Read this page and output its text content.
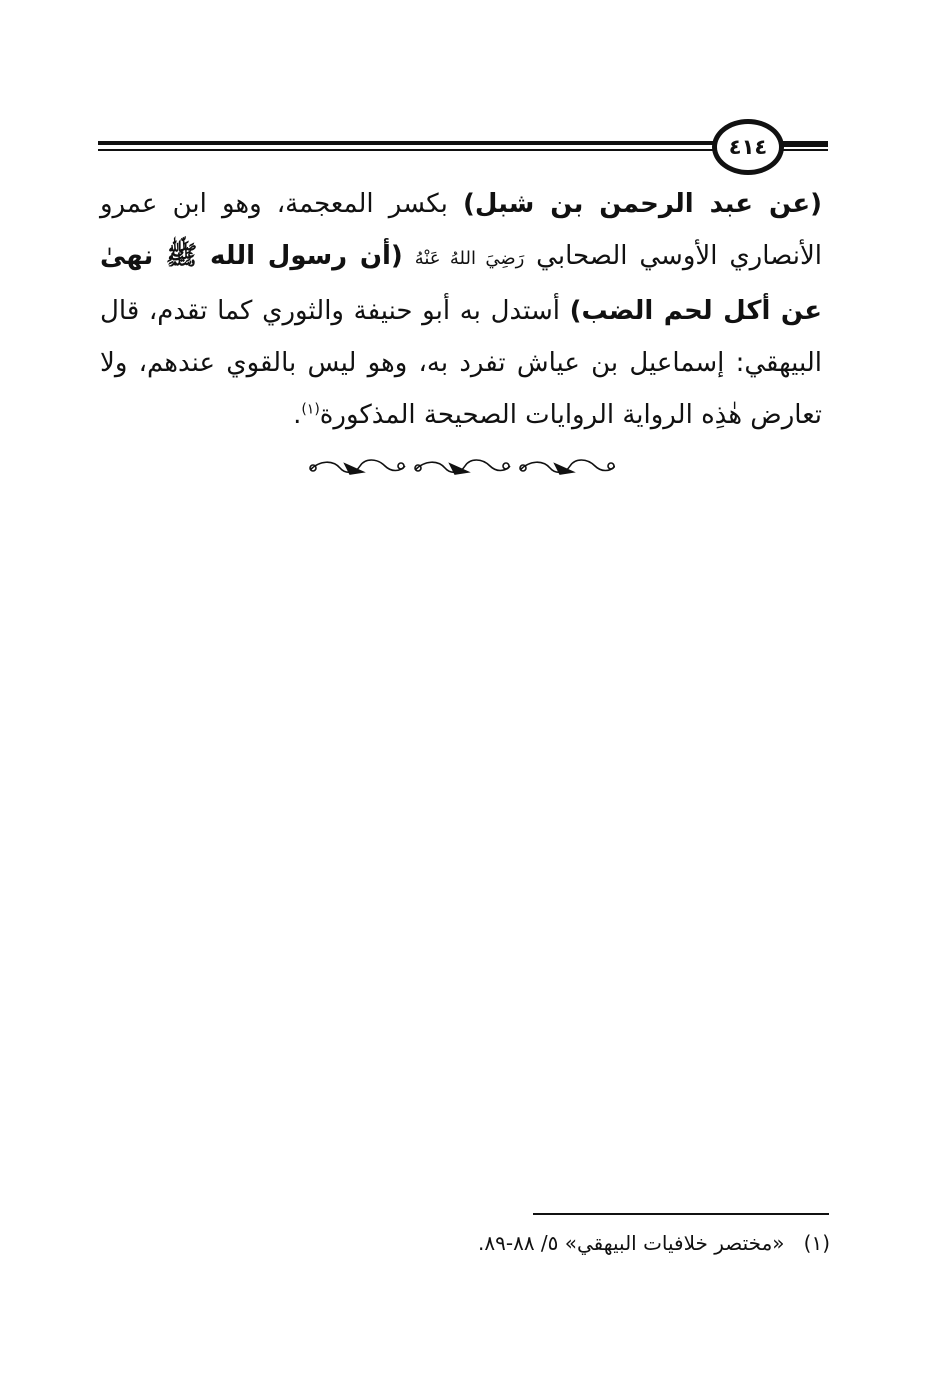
٤١٤
(عن عبد الرحمن بن شبل) بكسر المعجمة، وهو ابن عمرو الأنصاري الأوسي الصحابي رَضِيَ اللهُ عَنْهُ (أن رسول الله ﷺ نهىٰ عن أكل لحم الضب) أستدل به أبو حنيفة والثوري كما تقدم، قال البيهقي: إسماعيل بن عياش تفرد به، وهو ليس بالقوي عندهم، ولا تعارض هٰذِه الرواية الروايات الصحيحة المذكورة$^{(١)}$.
(١)   «مختصر خلافيات البيهقي» ٥/ ٨٨-٨٩.
